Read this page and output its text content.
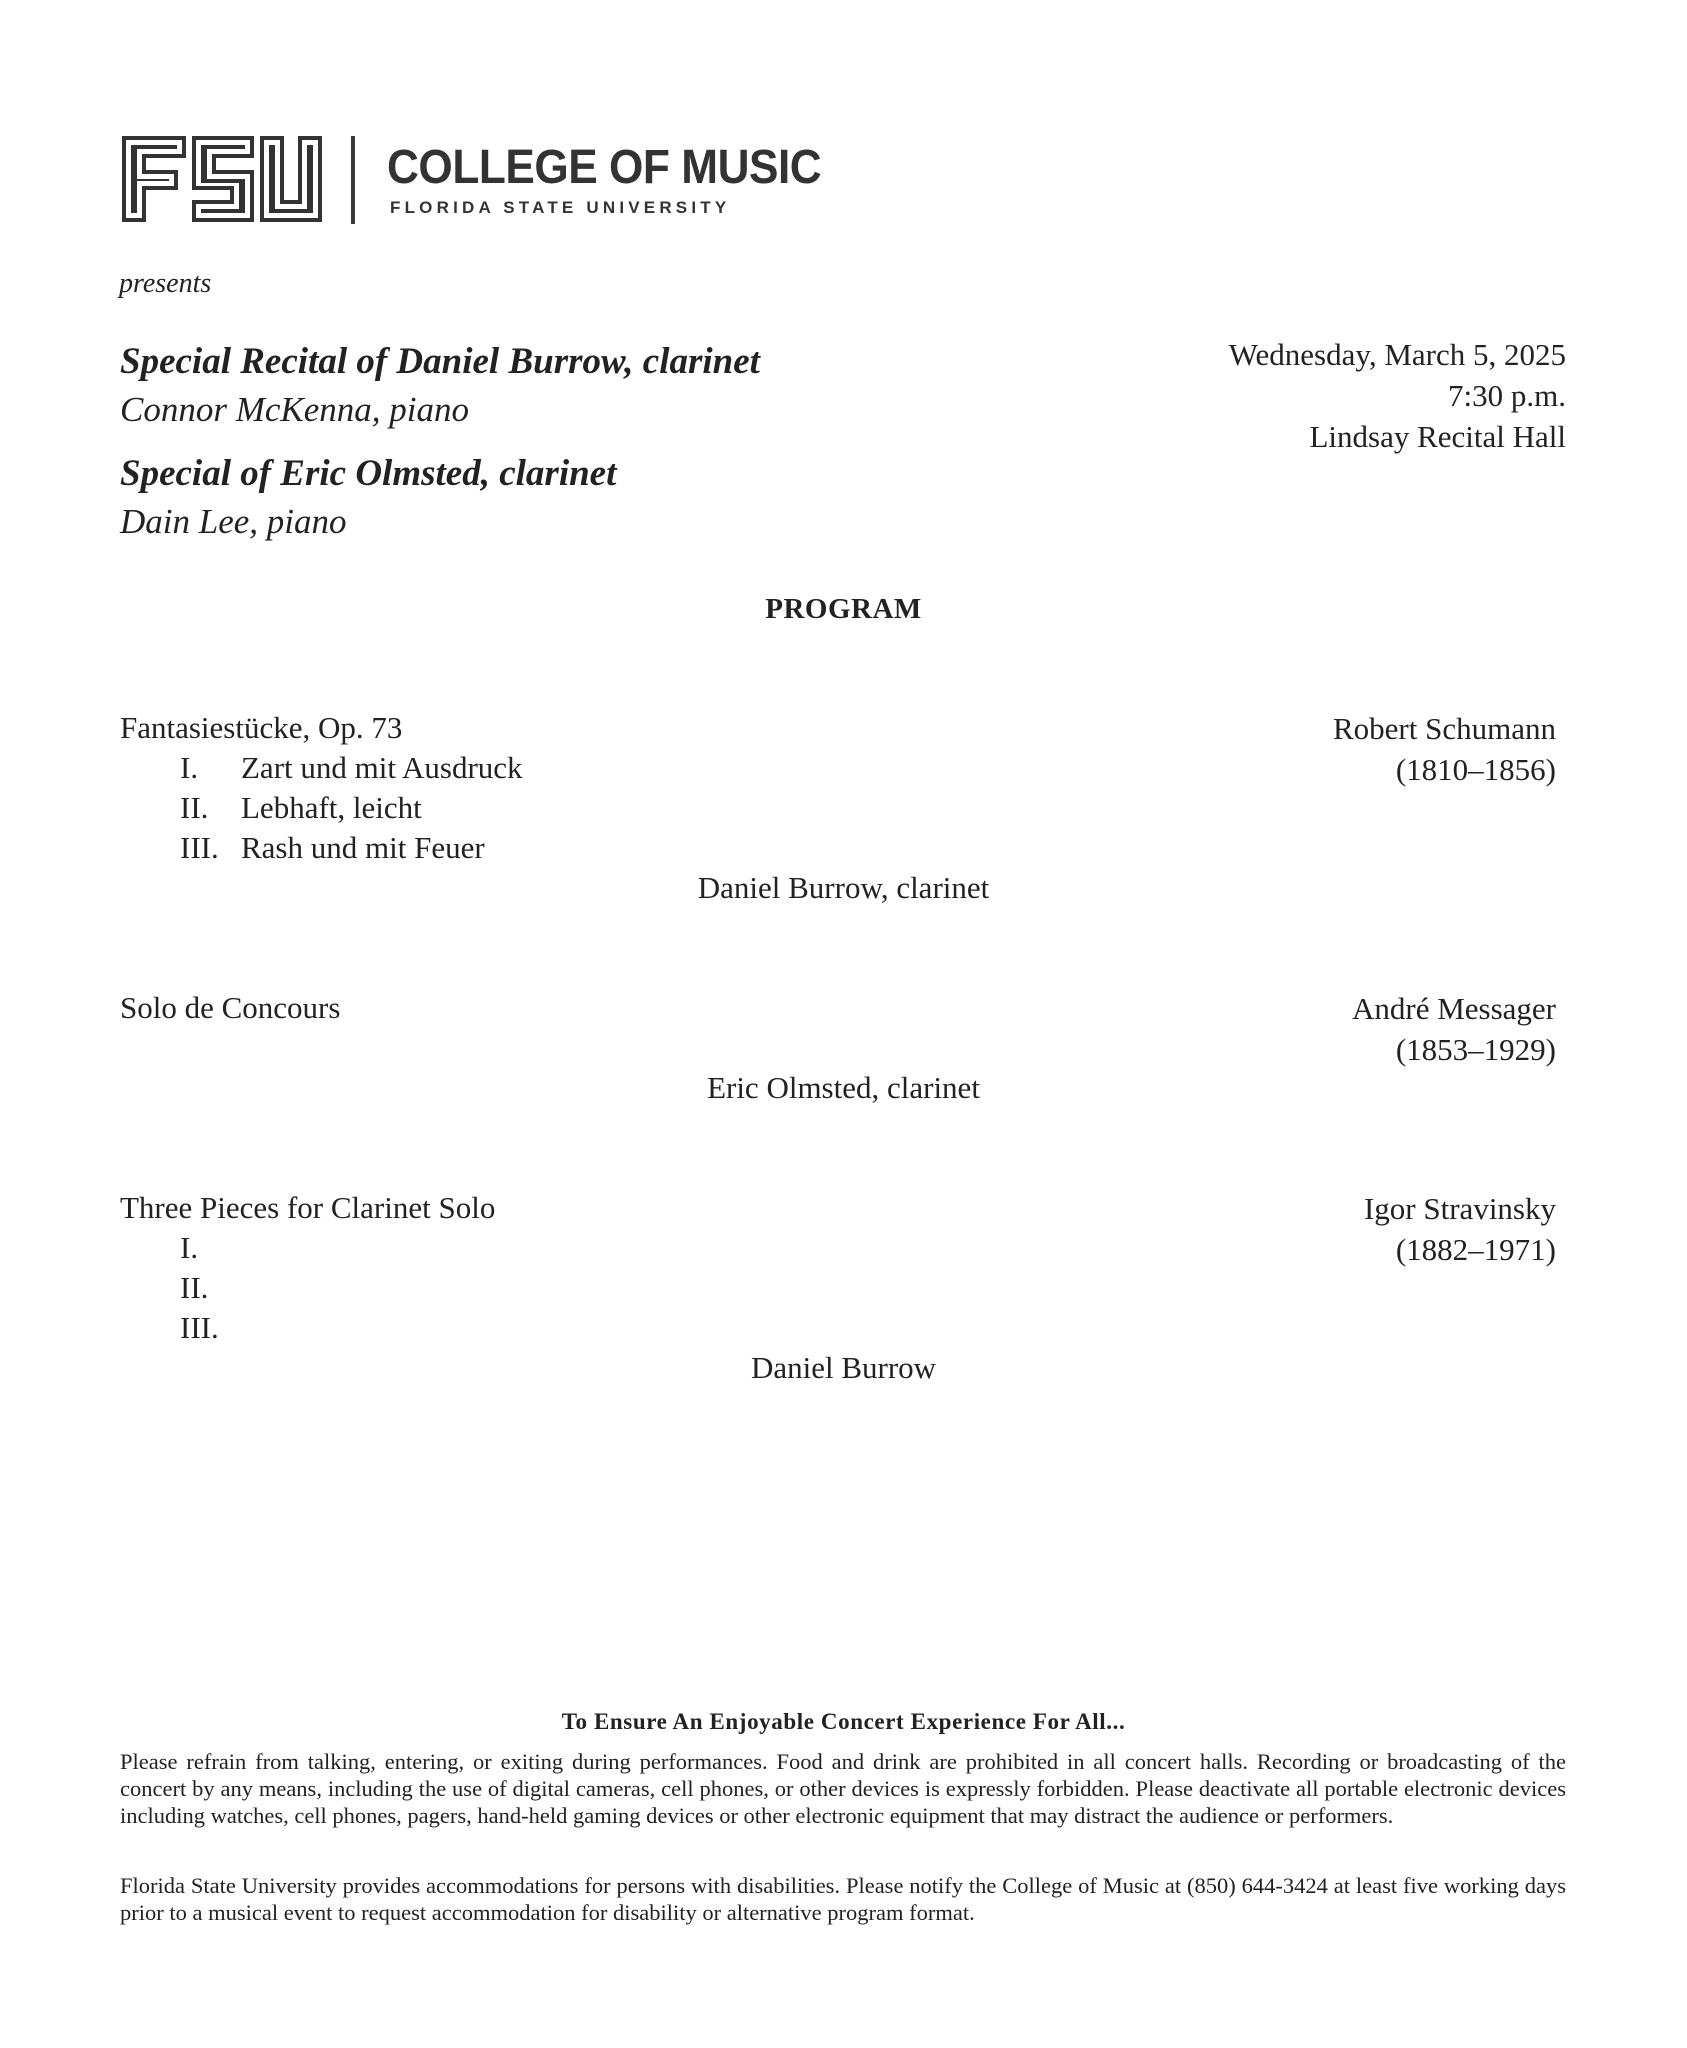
COLLEGE OF MUSIC
FLORIDA STATE UNIVERSITY
presents
Special Recital of Daniel Burrow, clarinet
Connor McKenna, piano
Special of Eric Olmsted, clarinet
Dain Lee, piano
Wednesday, March 5, 2025
7:30 p.m.
Lindsay Recital Hall
PROGRAM
Fantasiestücke, Op. 73
I. Zart und mit Ausdruck
II. Lebhaft, leicht
III. Rash und mit Feuer
Robert Schumann
(1810–1856)
Daniel Burrow, clarinet
Solo de Concours	André Messager
(1853–1929)
Eric Olmsted, clarinet
Three Pieces for Clarinet Solo
I.
II.
III.
Igor Stravinsky
(1882–1971)
Daniel Burrow
To Ensure An Enjoyable Concert Experience For All...
Please refrain from talking, entering, or exiting during performances. Food and drink are prohibited in all concert halls. Recording or broadcasting of the concert by any means, including the use of digital cameras, cell phones, or other devices is expressly forbidden. Please deactivate all portable electronic devices including watches, cell phones, pagers, hand-held gaming devices or other electronic equipment that may distract the audience or performers.
Florida State University provides accommodations for persons with disabilities. Please notify the College of Music at (850) 644-3424 at least five working days prior to a musical event to request accommodation for disability or alternative program format.
